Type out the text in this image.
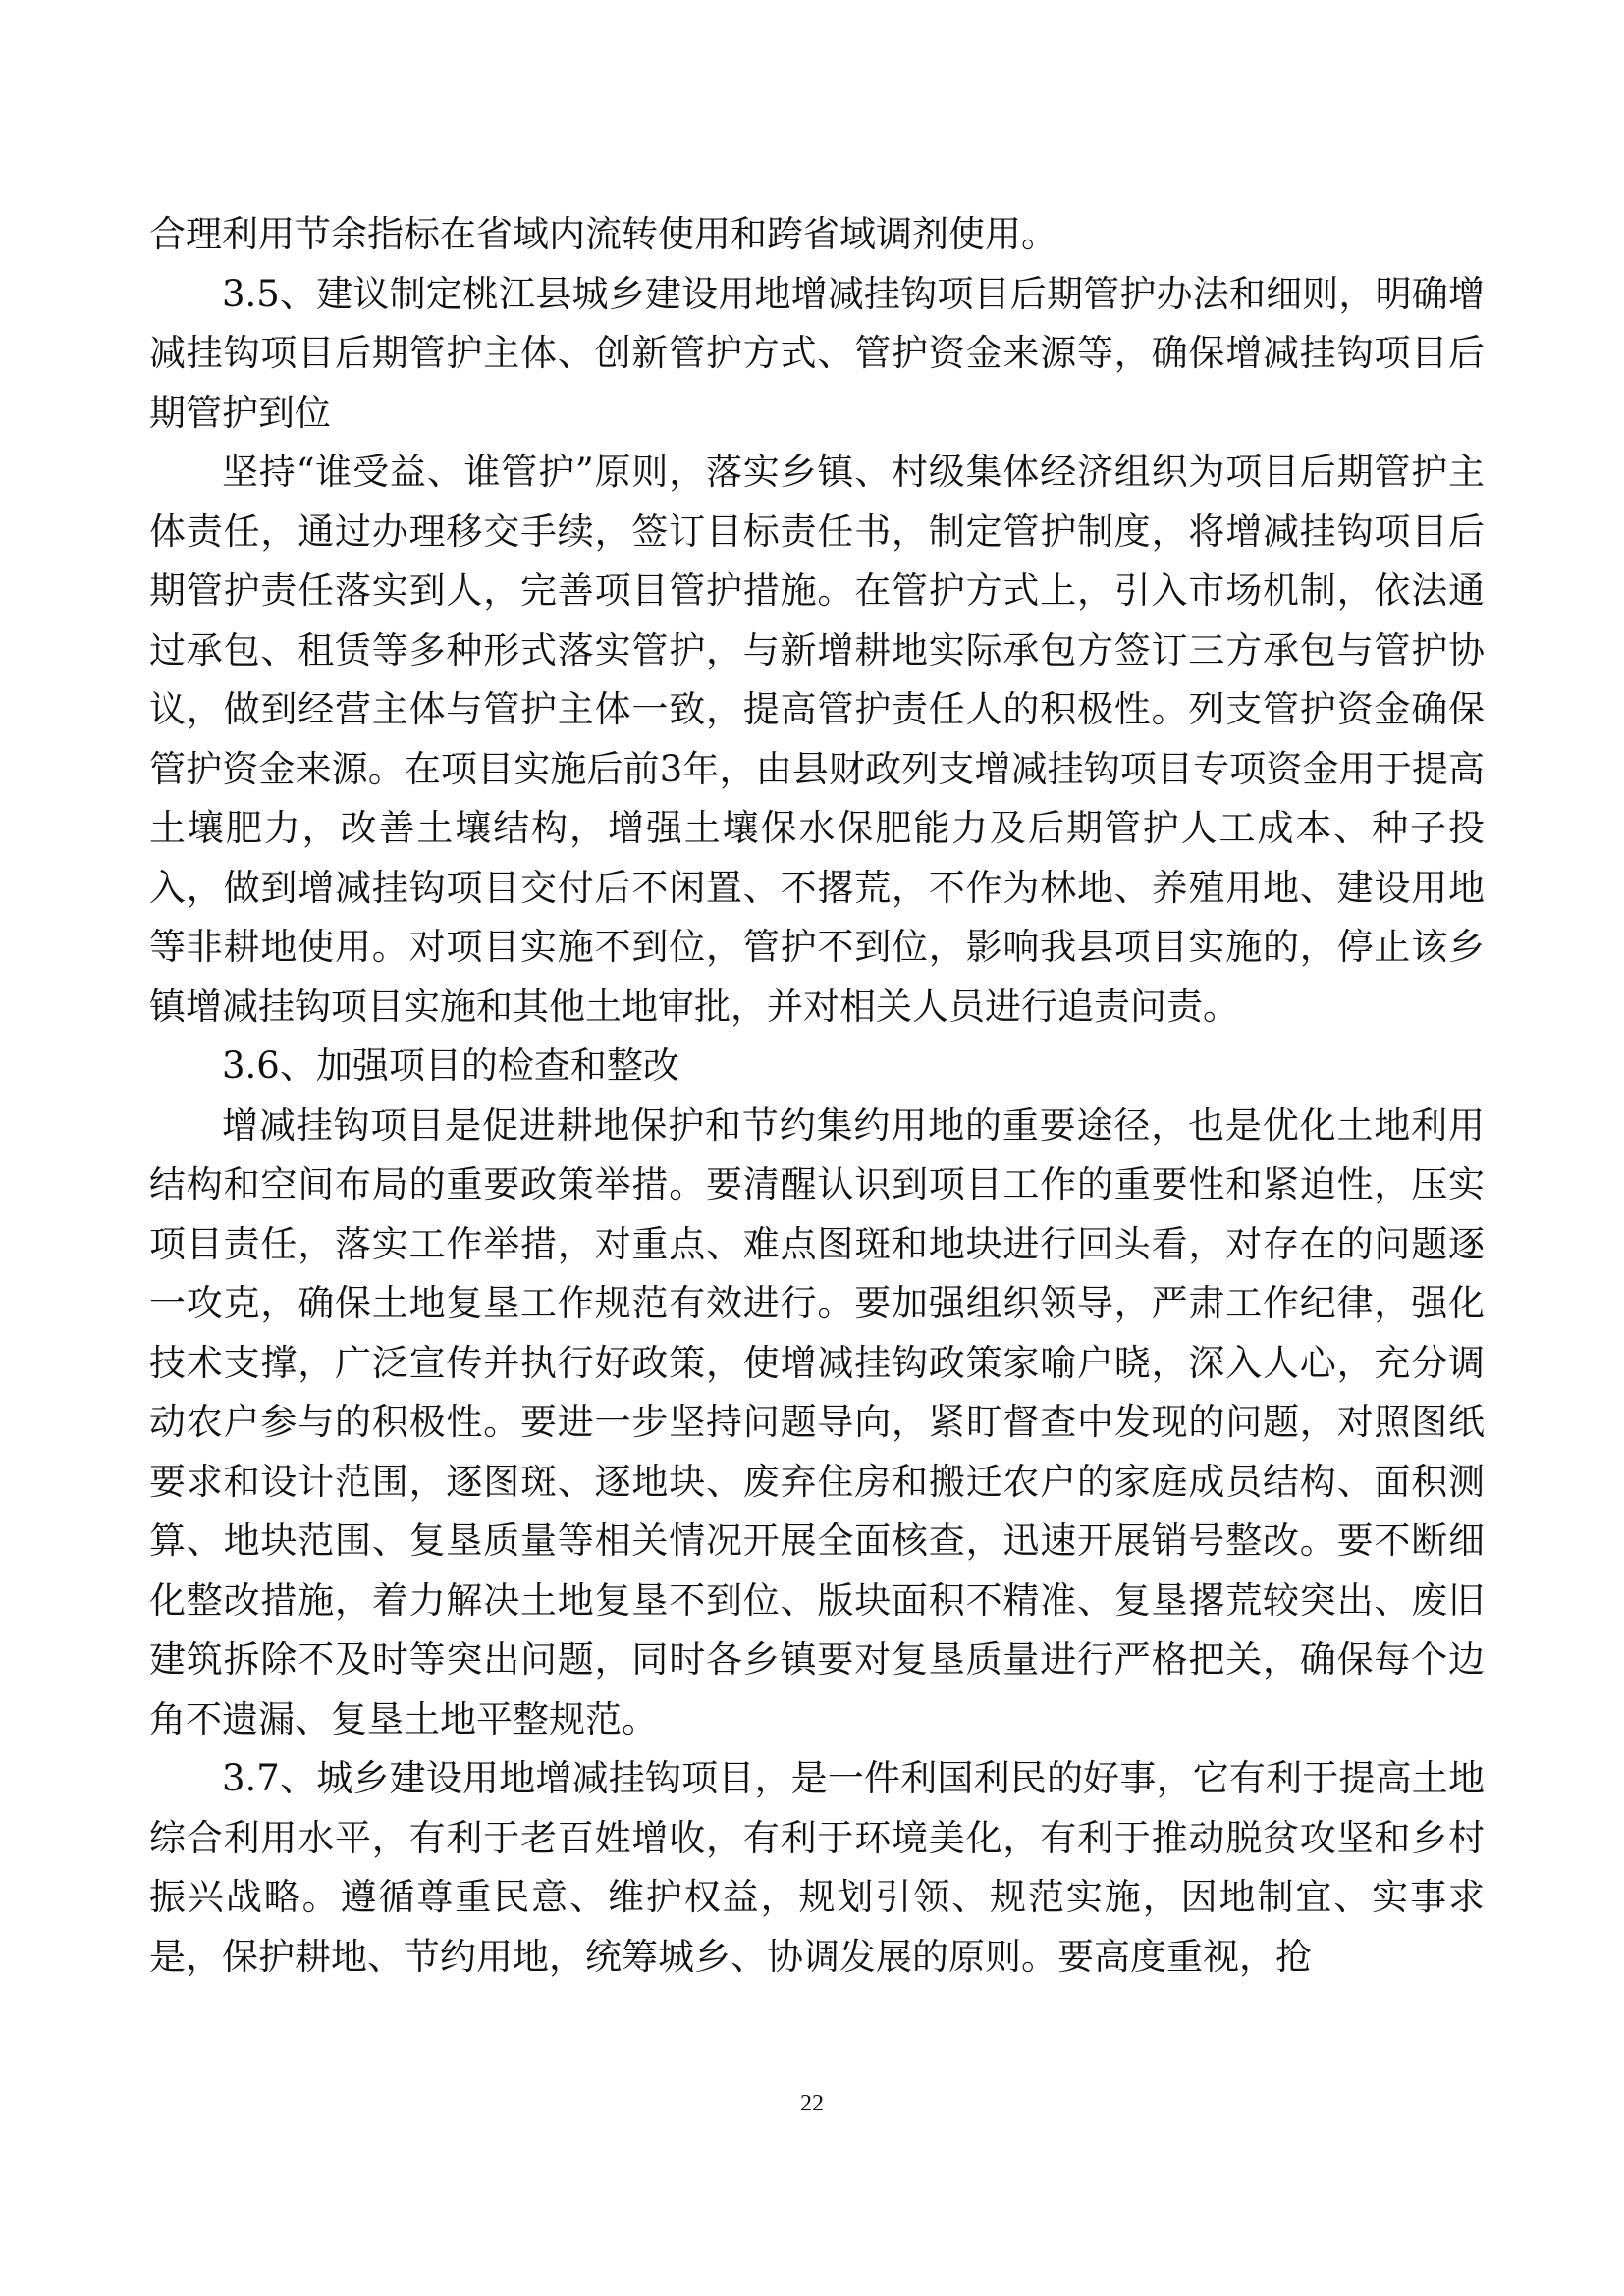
合理利用节余指标在省域内流转使用和跨省域调剂使用。

3.5、建议制定桃江县城乡建设用地增减挂钩项目后期管护办法和细则，明确增减挂钩项目后期管护主体、创新管护方式、管护资金来源等，确保增减挂钩项目后期管护到位

坚持“谁受益、谁管护”原则，落实乡镇、村级集体经济组织为项目后期管护主体责任，通过办理移交手续，签订目标责任书，制定管护制度，将增减挂钩项目后期管护责任落实到人，完善项目管护措施。在管护方式上，引入市场机制，依法通过承包、租赁等多种形式落实管护，与新增耕地实际承包方签订三方承包与管护协议，做到经营主体与管护主体一致，提高管护责任人的积极性。列支管护资金确保管护资金来源。在项目实施后前3年，由县财政列支增减挂钩项目专项资金用于提高土壤肥力，改善土壤结构，增强土壤保水保肥能力及后期管护人工成本、种子投入，做到增减挂钩项目交付后不闲置、不撂荒，不作为林地、养殖用地、建设用地等非耕地使用。对项目实施不到位，管护不到位，影响我县项目实施的，停止该乡镇增减挂钩项目实施和其他土地审批，并对相关人员进行追责问责。

3.6、加强项目的检查和整改

增减挂钩项目是促进耕地保护和节约集约用地的重要途径，也是优化土地利用结构和空间布局的重要政策举措。要清醒认识到项目工作的重要性和紧迫性，压实项目责任，落实工作举措，对重点、难点图斑和地块进行回头看，对存在的问题逐一攻克，确保土地复垦工作规范有效进行。要加强组织领导，严肃工作纪律，强化技术支撑，广泛宣传并执行好政策，使增减挂钩政策家喻户晓，深入人心，充分调动农户参与的积极性。要进一步坚持问题导向，紧盯督查中发现的问题，对照图纸要求和设计范围，逐图斑、逐地块、废弃住房和搬迁农户的家庭成员结构、面积测算、地块范围、复垦质量等相关情况开展全面核查，迅速开展销号整改。要不断细化整改措施，着力解决土地复垦不到位、版块面积不精准、复垦撂荒较突出、废旧建筑拆除不及时等突出问题，同时各乡镇要对复垦质量进行严格把关，确保每个边角不遗漏、复垦土地平整规范。

3.7、城乡建设用地增减挂钩项目，是一件利国利民的好事，它有利于提高土地综合利用水平，有利于老百姓增收，有利于环境美化，有利于推动脱贫攻坚和乡村振兴战略。遵循尊重民意、维护权益，规划引领、规范实施，因地制宜、实事求是，保护耕地、节约用地，统筹城乡、协调发展的原则。要高度重视，抢

22
